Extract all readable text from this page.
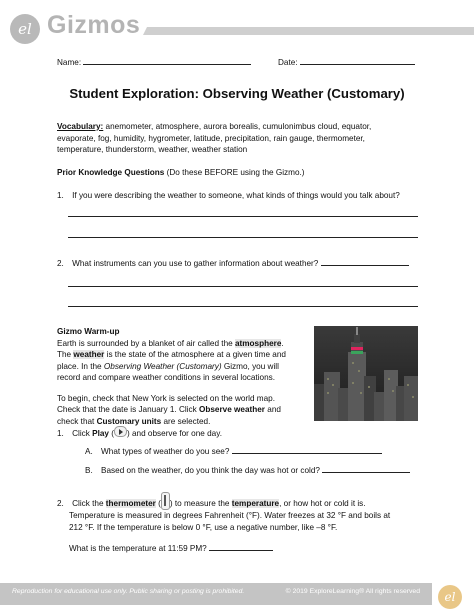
el Gizmos
Name:	Date:
Student Exploration: Observing Weather (Customary)
Vocabulary: anemometer, atmosphere, aurora borealis, cumulonimbus cloud, equator,
evaporate, fog, humidity, hygrometer, latitude, precipitation, rain gauge, thermometer,
temperature, thunderstorm, weather, weather station
Prior Knowledge Questions (Do these BEFORE using the Gizmo.)
1. If you were describing the weather to someone, what kinds of things would you talk about?
2. What instruments can you use to gather information about weather?
Gizmo Warm-up
Earth is surrounded by a blanket of air called the atmosphere.
The weather is the state of the atmosphere at a given time and
place. In the Observing Weather (Customary) Gizmo, you will
record and compare weather conditions in several locations.
To begin, check that New York is selected on the world map.
Check that the date is January 1. Click Observe weather and
check that Customary units are selected.
1. Click Play ( ) and observe for one day.
A. What types of weather do you see?
B. Based on the weather, do you think the day was hot or cold?
2. Click the thermometer ( ) to measure the temperature, or how hot or cold it is.
Temperature is measured in degrees Fahrenheit (°F). Water freezes at 32 °F and boils at
212 °F. If the temperature is below 0 °F, use a negative number, like –8 °F.
What is the temperature at 11:59 PM?
Reproduction for educational use only. Public sharing or posting is prohibited.	© 2019 ExploreLearning® All rights reserved el
